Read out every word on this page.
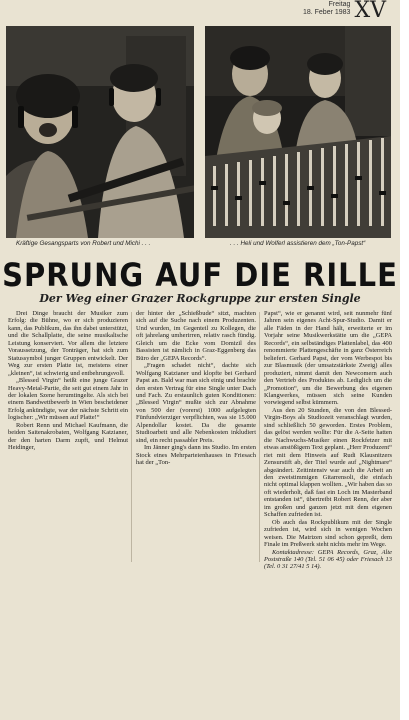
Freitag
18. Feber 1983 XV
Kräftige Gesangsparts von Robert und Michi . . .	. . . Heli und Wolferl assistieren dem „Ton-Papst“
SPRUNG AUF DIE RILLE
Der Weg einer Grazer Rockgruppe zur ersten Single

Drei Dinge braucht der Musiker zum Erfolg: die Bühne, wo er sich produzieren kann, das Publikum, das ihn dabei unterstützt, und die Schallplatte, die seine musikalische Leistung konserviert. Vor allem die letztere Voraussetzung, der Tonträger, hat sich zum Statussymbol junger Gruppen entwickelt. Der Weg zur ersten Platte ist, meistens einer „kleinen“, ist schwierig und entbehrungsvoll.

„Blessed Virgin“ heißt eine junge Grazer Heavy-Metal-Partie, die seit gut einem Jahr in der lokalen Szene herumtingelte. Als sich bei einem Bandwettbewerb in Wien bescheidener Erfolg ankündigte, war der nächste Schritt ein logischer: „Wir müssen auf Platte!“

Robert Renn und Michael Kaufmann, die beiden Saitenakrobaten, Wolfgang Katzianer, der den harten Darm zupft, und Helmut Heidinger,

der hinter der „Schießbude“ sitzt, machten sich auf die Suche nach einem Produzenten. Und wurden, im Gegenteil zu Kollegen, die oft jahrelang umherirren, relativ rasch fündig. Gleich um die Ecke vom Domizil des Bassisten ist nämlich in Graz-Eggenberg das Büro der „GEPA Records“.

„Fragen schadet nicht“, dachte sich Wolfgang Katzianer und klopfte bei Gerhard Papst an. Bald war man sich einig und brachte den ersten Vertrag für eine Single unter Dach und Fach. Zu erstaunlich guten Konditionen: „Blessed Virgin“ mußte sich zur Abnahme von 500 der (vorerst) 1000 aufgelegten Fünfundvierziger verpflichten, was sie 15.000 Alpendollar kostet. Da die gesamte Studioarbeit und alle Nebenkosten inkludiert sind, ein recht passabler Preis.

Im Jänner ging's dann ins Studio. Im ersten Stock eines Mehrparteienhauses in Friesach hat der „Ton-

Papst“, wie er genannt wird, seit nunmehr fünf Jahren sein eigenes Acht-Spur-Studio. Damit er alle Fäden in der Hand hält, erweiterte er im Vorjahr seine Musikwerkstätte um die „GEPA Records“, ein selbständiges Plattenlabel, das 400 renommierte Plattengeschäfte in ganz Österreich beliefert. Gerhard Papst, der vom Werbespot bis zur Blasmusik (der umsatzstärkste Zweig) alles produziert, nimmt damit den Newcomern auch den Vertrieb des Produktes ab. Lediglich um die „Promotion“, um die Bewerbung des eigenen Klangwerkes, müssen sich seine Kunden vorwiegend selbst kümmern.

Aus den 20 Stunden, die von den Blessed-Virgin-Boys als Studiozeit veranschlagt wurden, sind schließlich 50 geworden. Erstes Problem, das gelöst werden wollte: Für die A-Seite hatten die Nachwuchs-Musiker einen Rockfetzer mit etwas anstößigem Text geplant. „Herr Produzent“ riet mit dem Hinweis auf Rudi Klausnitzers Zensurstift ab, der Titel wurde auf „Nightmare“ abgeändert. Zeitintensiv war auch die Arbeit an den zweistimmigen Gitarrensoli, die einfach nicht optimal klappen wollten. „Wir haben das so oft wiederholt, daß fast ein Loch im Masterband entstanden ist“, übertreibt Robert Renn, der aber im großen und ganzen jetzt mit dem eigenen Schaffen zufrieden ist.

Ob auch das Rockpublikum mit der Single zufrieden ist, wird sich in wenigen Wochen weisen. Die Matrizen sind schon gepreßt, dem Finale im Preßwerk steht nichts mehr im Wege.

Kontaktadresse: GEPA Records, Graz, Alte Poststraße 140 (Tel. 51 06 45) oder Friesach 13 (Tel. 0 31 27/41 5 14).
